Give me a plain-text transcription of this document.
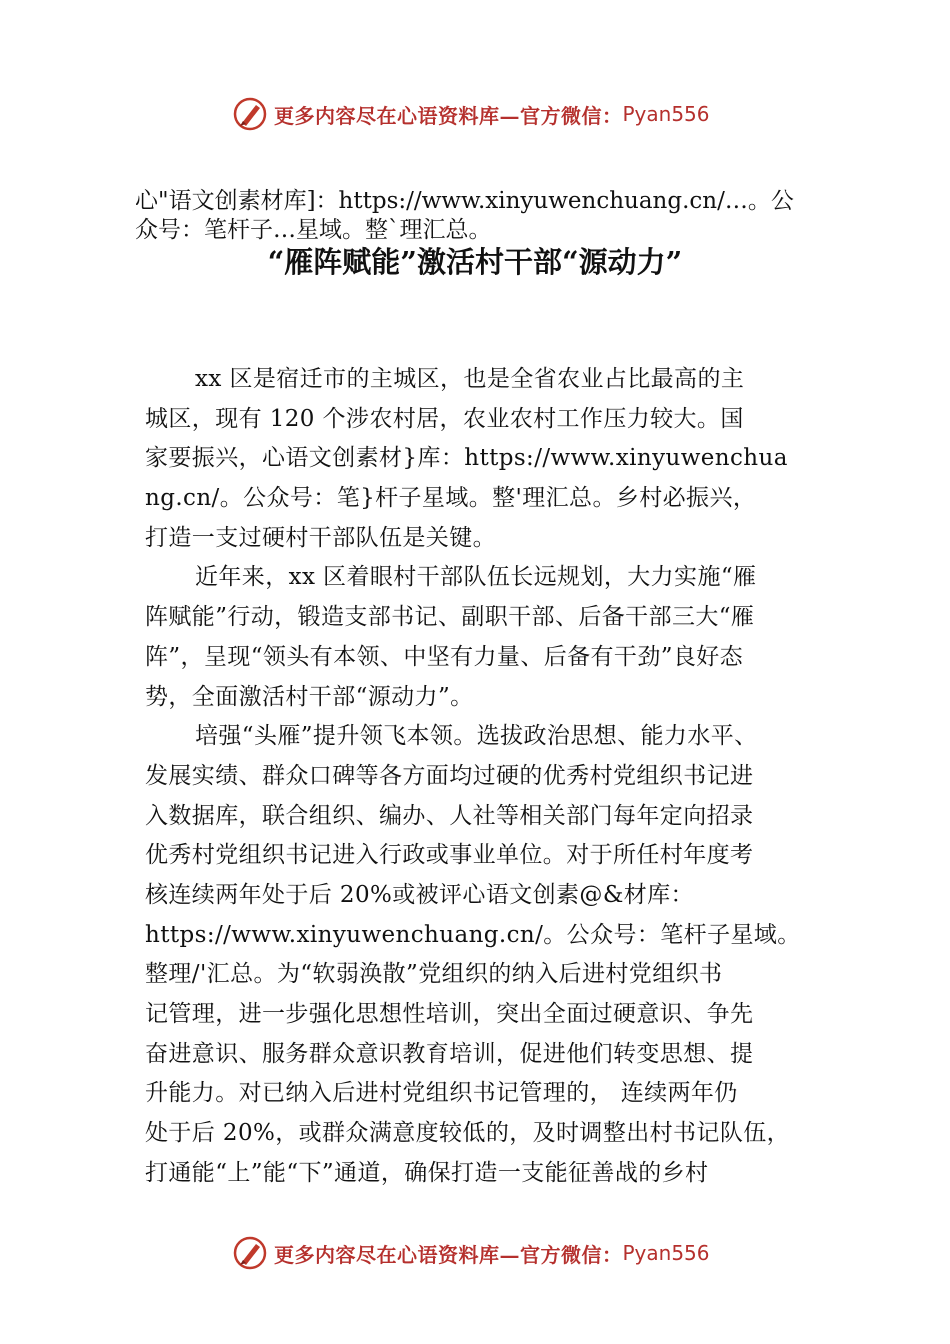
更多内容尽在心语资料库—官方微信： Pyan556

心"语文创素材库]：https://www.xinyuwenchuang.cn/…。公

众号：笔杆子…星域。整`理汇总。

“雁阵赋能”激活村干部“源动力”
xx 区是宿迁市的主城区，也是全省农业占比最高的主
城区，现有 120 个涉农村居，农业农村工作压力较大。国
家要振兴，心语文创素材}库：https://www.xinyuwenchua
ng.cn/。公众号：笔}杆子星域。整'理汇总。乡村必振兴，
打造一支过硬村干部队伍是关键。
近年来，xx 区着眼村干部队伍长远规划，大力实施“雁
阵赋能”行动，锻造支部书记、副职干部、后备干部三大“雁
阵”，呈现“领头有本领、中坚有力量、后备有干劲”良好态
势，全面激活村干部“源动力”。
培强“头雁”提升领飞本领。选拔政治思想、能力水平、
发展实绩、群众口碑等各方面均过硬的优秀村党组织书记进
入数据库，联合组织、编办、人社等相关部门每年定向招录
优秀村党组织书记进入行政或事业单位。对于所任村年度考
核连续两年处于后 20%或被评心语文创素@&材库：
https://www.xinyuwenchuang.cn/。公众号：笔杆子星域。
整理/'汇总。为“软弱涣散”党组织的纳入后进村党组织书
记管理，进一步强化思想性培训，突出全面过硬意识、争先
奋进意识、服务群众意识教育培训，促进他们转变思想、提
升能力。对已纳入后进村党组织书记管理的， 连续两年仍
处于后 20%，或群众满意度较低的，及时调整出村书记队伍，
打通能“上”能“下”通道，确保打造一支能征善战的乡村
更多内容尽在心语资料库—官方微信： Pyan556
